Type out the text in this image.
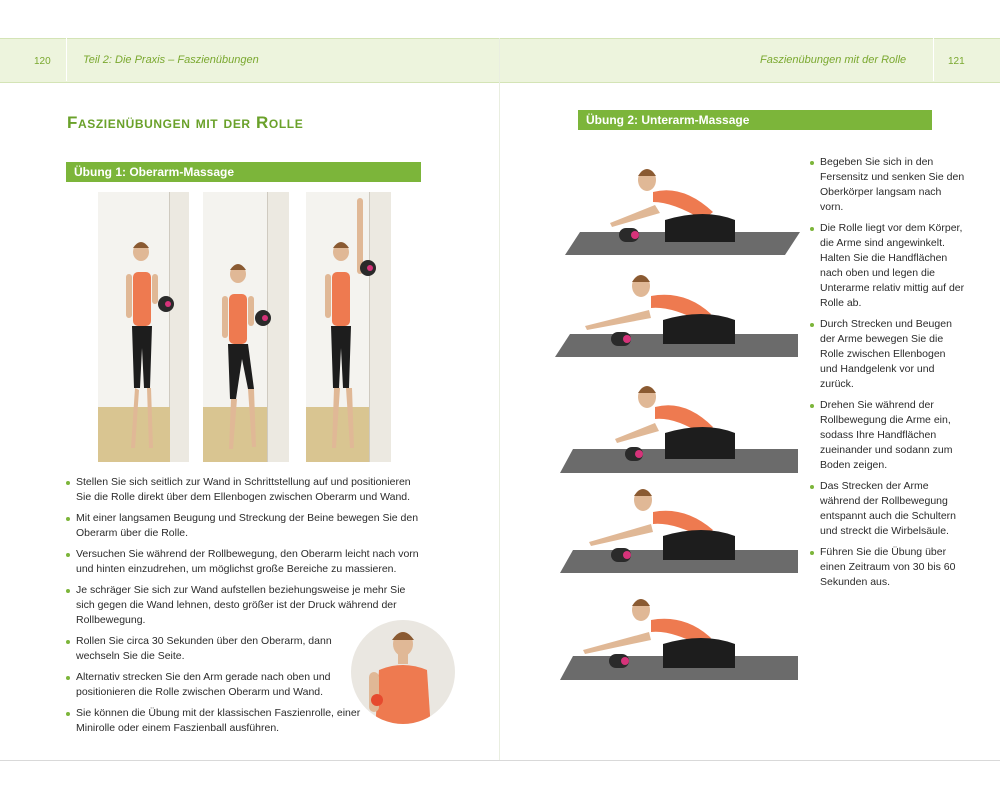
120	Teil 2: Die Praxis – Faszienübungen	Faszienübungen mit der Rolle	121
Faszienübungen mit der Rolle
Übung 1: Oberarm-Massage
Stellen Sie sich seitlich zur Wand in Schrittstellung auf und positionieren Sie die Rolle direkt über dem Ellenbogen zwischen Oberarm und Wand.
Mit einer langsamen Beugung und Streckung der Beine bewegen Sie den Oberarm über die Rolle.
Versuchen Sie während der Rollbewegung, den Oberarm leicht nach vorn und hinten einzudrehen, um möglichst große Bereiche zu massieren.
Je schräger Sie sich zur Wand aufstellen beziehungsweise je mehr Sie sich gegen die Wand lehnen, desto größer ist der Druck während der Rollbewegung.
Rollen Sie circa 30 Sekunden über den Oberarm, dann wechseln Sie die Seite.
Alternativ strecken Sie den Arm gerade nach oben und positionieren die Rolle zwischen Oberarm und Wand.
Sie können die Übung mit der klassischen Faszienrolle, einer Minirolle oder einem Faszienball ausführen.
Übung 2: Unterarm-Massage
Begeben Sie sich in den Fersensitz und senken Sie den Oberkörper langsam nach vorn.
Die Rolle liegt vor dem Körper, die Arme sind angewinkelt. Halten Sie die Handflächen nach oben und legen die Unterarme relativ mittig auf der Rolle ab.
Durch Strecken und Beugen der Arme bewegen Sie die Rolle zwischen Ellenbogen und Handgelenk vor und zurück.
Drehen Sie während der Rollbewegung die Arme ein, sodass Ihre Handflächen zueinander und sodann zum Boden zeigen.
Das Strecken der Arme während der Rollbewegung entspannt auch die Schultern und streckt die Wirbelsäule.
Führen Sie die Übung über einen Zeitraum von 30 bis 60 Sekunden aus.
